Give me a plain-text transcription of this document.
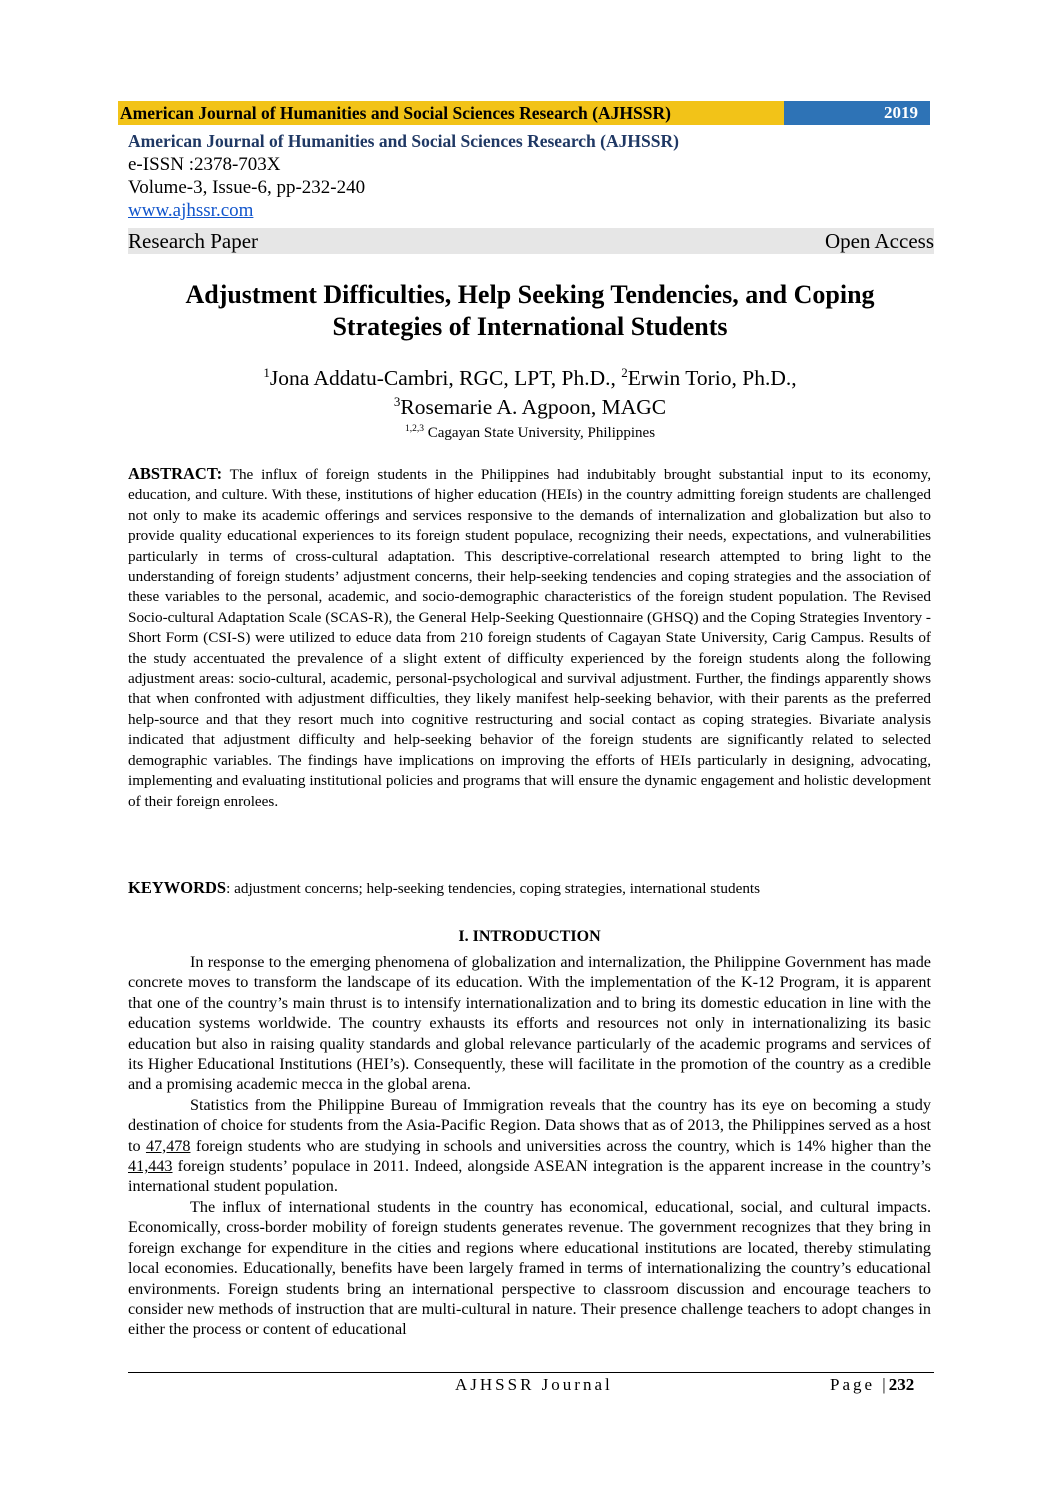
American Journal of Humanities and Social Sciences Research (AJHSSR)	2019
American Journal of Humanities and Social Sciences Research (AJHSSR)
e-ISSN :2378-703X
Volume-3, Issue-6, pp-232-240
www.ajhssr.com
Research Paper	Open Access
Adjustment Difficulties, Help Seeking Tendencies, and Coping
Strategies of International Students
$^1$Jona Addatu-Cambri, RGC, LPT, Ph.D., $^2$Erwin Torio, Ph.D.,
$^3$Rosemarie A. Agpoon, MAGC
$^{1,2,3}$ Cagayan State University, Philippines
ABSTRACT: The influx of foreign students in the Philippines had indubitably brought substantial input to its economy, education, and culture. With these, institutions of higher education (HEIs) in the country admitting foreign students are challenged not only to make its academic offerings and services responsive to the demands of internalization and globalization but also to provide quality educational experiences to its foreign student populace, recognizing their needs, expectations, and vulnerabilities particularly in terms of cross-cultural adaptation. This descriptive-correlational research attempted to bring light to the understanding of foreign students’ adjustment concerns, their help-seeking tendencies and coping strategies and the association of these variables to the personal, academic, and socio-demographic characteristics of the foreign student population. The Revised Socio-cultural Adaptation Scale (SCAS-R), the General Help-Seeking Questionnaire (GHSQ) and the Coping Strategies Inventory - Short Form (CSI-S) were utilized to educe data from 210 foreign students of Cagayan State University, Carig Campus. Results of the study accentuated the prevalence of a slight extent of difficulty experienced by the foreign students along the following adjustment areas: socio-cultural, academic, personal-psychological and survival adjustment. Further, the findings apparently shows that when confronted with adjustment difficulties, they likely manifest help-seeking behavior, with their parents as the preferred help-source and that they resort much into cognitive restructuring and social contact as coping strategies. Bivariate analysis indicated that adjustment difficulty and help-seeking behavior of the foreign students are significantly related to selected demographic variables. The findings have implications on improving the efforts of HEIs particularly in designing, advocating, implementing and evaluating institutional policies and programs that will ensure the dynamic engagement and holistic development of their foreign enrolees.
KEYWORDS: adjustment concerns; help-seeking tendencies, coping strategies, international students
I. INTRODUCTION

In response to the emerging phenomena of globalization and internalization, the Philippine Government has made concrete moves to transform the landscape of its education. With the implementation of the K-12 Program, it is apparent that one of the country’s main thrust is to intensify internationalization and to bring its domestic education in line with the education systems worldwide. The country exhausts its efforts and resources not only in internationalizing its basic education but also in raising quality standards and global relevance particularly of the academic programs and services of its Higher Educational Institutions (HEI’s). Consequently, these will facilitate in the promotion of the country as a credible and a promising academic mecca in the global arena.

Statistics from the Philippine Bureau of Immigration reveals that the country has its eye on becoming a study destination of choice for students from the Asia-Pacific Region. Data shows that as of 2013, the Philippines served as a host to 47,478 foreign students who are studying in schools and universities across the country, which is 14% higher than the 41,443 foreign students’ populace in 2011. Indeed, alongside ASEAN integration is the apparent increase in the country’s international student population.

The influx of international students in the country has economical, educational, social, and cultural impacts. Economically, cross-border mobility of foreign students generates revenue. The government recognizes that they bring in foreign exchange for expenditure in the cities and regions where educational institutions are located, thereby stimulating local economies. Educationally, benefits have been largely framed in terms of internationalizing the country’s educational environments. Foreign students bring an international perspective to classroom discussion and encourage teachers to consider new methods of instruction that are multi-cultural in nature. Their presence challenge teachers to adopt changes in either the process or content of educational

AJHSSR Journal	Page |232
